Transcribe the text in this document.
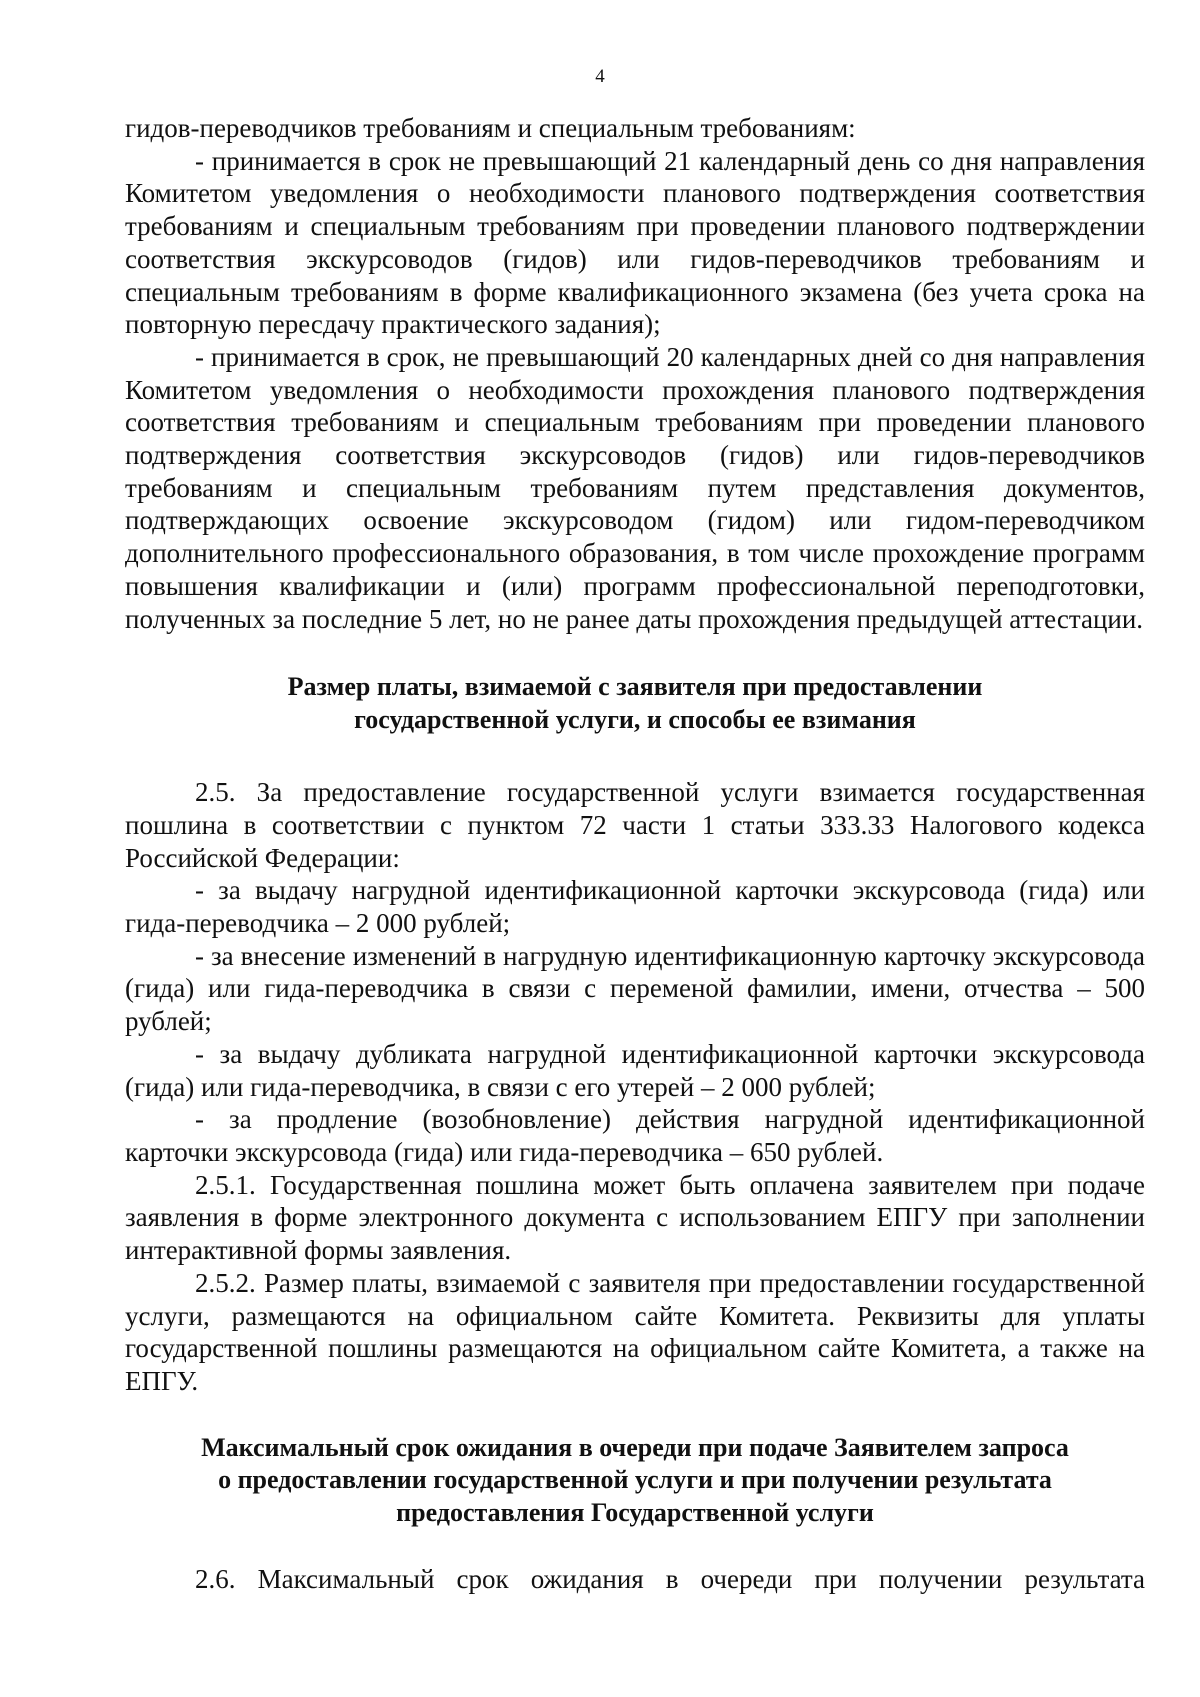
4

гидов-переводчиков требованиям и специальным требованиям:

- принимается в срок не превышающий 21 календарный день со дня направления Комитетом уведомления о необходимости планового подтверждения соответствия требованиям и специальным требованиям при проведении планового подтверждении соответствия экскурсоводов (гидов) или гидов-переводчиков требованиям и специальным требованиям в форме квалификационного экзамена (без учета срока на повторную пересдачу практического задания);

- принимается в срок, не превышающий 20 календарных дней со дня направления Комитетом уведомления о необходимости прохождения планового подтверждения соответствия требованиям и специальным требованиям при проведении планового подтверждения соответствия экскурсоводов (гидов) или гидов-переводчиков требованиям и специальным требованиям путем представления документов, подтверждающих освоение экскурсоводом (гидом) или гидом-переводчиком дополнительного профессионального образования, в том числе прохождение программ повышения квалификации и (или) программ профессиональной переподготовки, полученных за последние 5 лет, но не ранее даты прохождения предыдущей аттестации.

Размер платы, взимаемой с заявителя при предоставлении
государственной услуги, и способы ее взимания

2.5. За предоставление государственной услуги взимается государственная пошлина в соответствии с пунктом 72 части 1 статьи 333.33 Налогового кодекса Российской Федерации:

- за выдачу нагрудной идентификационной карточки экскурсовода (гида) или гида-переводчика – 2 000 рублей;

- за внесение изменений в нагрудную идентификационную карточку экскурсовода (гида) или гида-переводчика в связи с переменой фамилии, имени, отчества – 500 рублей;

- за выдачу дубликата нагрудной идентификационной карточки экскурсовода (гида) или гида-переводчика, в связи с его утерей – 2 000 рублей;

- за продление (возобновление) действия нагрудной идентификационной карточки экскурсовода (гида) или гида-переводчика – 650 рублей.

2.5.1. Государственная пошлина может быть оплачена заявителем при подаче заявления в форме электронного документа с использованием ЕПГУ при заполнении интерактивной формы заявления.

2.5.2. Размер платы, взимаемой с заявителя при предоставлении государственной услуги, размещаются на официальном сайте Комитета. Реквизиты для уплаты государственной пошлины размещаются на официальном сайте Комитета, а также на ЕПГУ.

Максимальный срок ожидания в очереди при подаче Заявителем запроса
о предоставлении государственной услуги и при получении результата
предоставления Государственной услуги

2.6. Максимальный срок ожидания в очереди при получении результата
